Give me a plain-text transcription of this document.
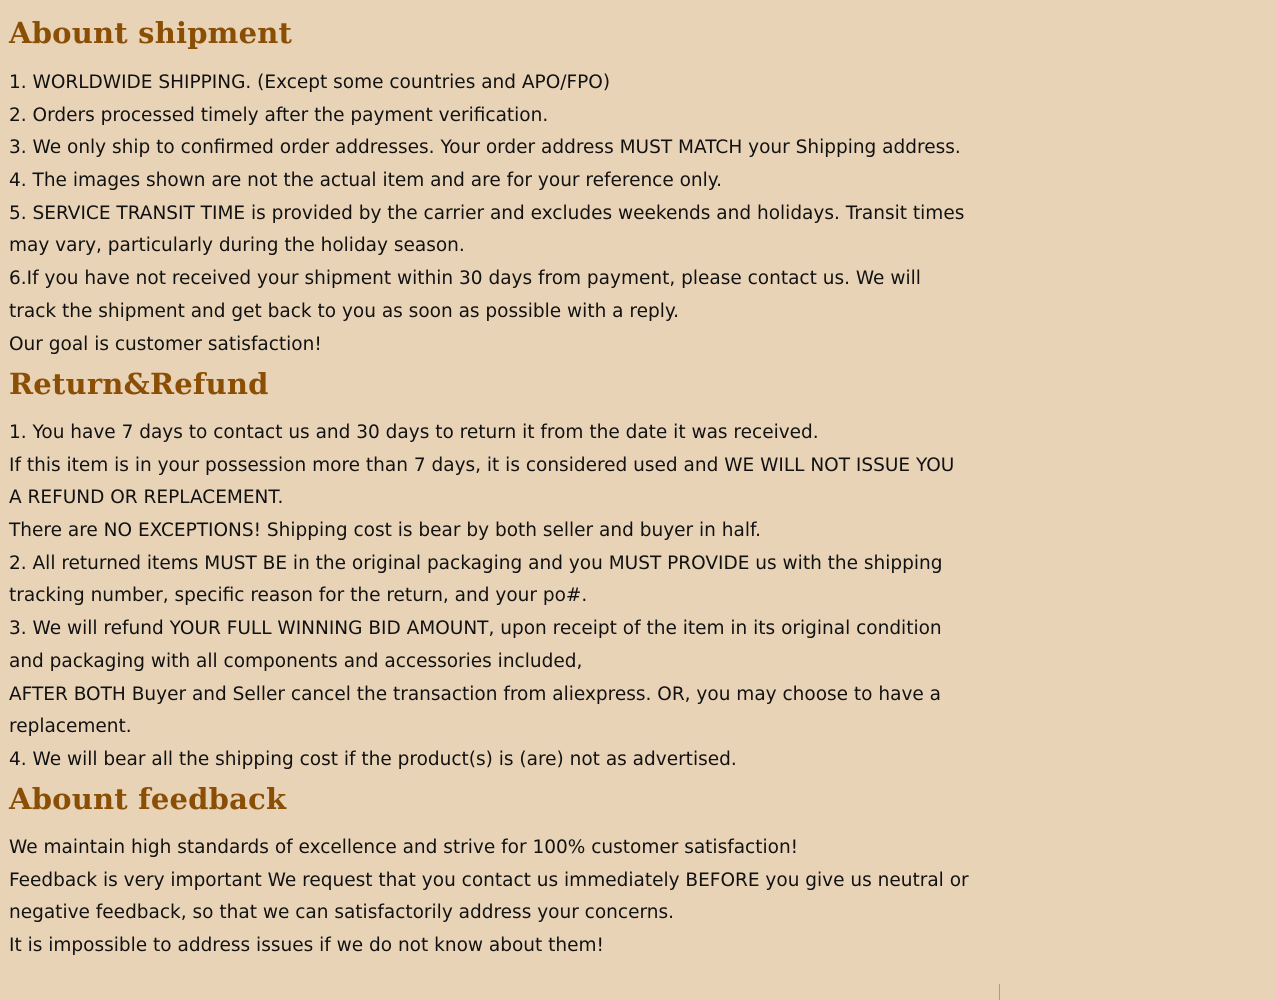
Abount shipment
1. WORLDWIDE SHIPPING. (Except some countries and APO/FPO)
2. Orders processed timely after the payment verification.
3. We only ship to confirmed order addresses. Your order address MUST MATCH your Shipping address.
4. The images shown are not the actual item and are for your reference only.
5. SERVICE TRANSIT TIME is provided by the carrier and excludes weekends and holidays. Transit times
may vary, particularly during the holiday season.
6.If you have not received your shipment within 30 days from payment, please contact us. We will
track the shipment and get back to you as soon as possible with a reply.
Our goal is customer satisfaction!
Return&Refund
1. You have 7 days to contact us and 30 days to return it from the date it was received.
If this item is in your possession more than 7 days, it is considered used and WE WILL NOT ISSUE YOU
A REFUND OR REPLACEMENT.
There are NO EXCEPTIONS! Shipping cost is bear by both seller and buyer in half.
2. All returned items MUST BE in the original packaging and you MUST PROVIDE us with the shipping
tracking number, specific reason for the return, and your po#.
3. We will refund YOUR FULL WINNING BID AMOUNT, upon receipt of the item in its original condition
and packaging with all components and accessories included,
AFTER BOTH Buyer and Seller cancel the transaction from aliexpress. OR, you may choose to have a
replacement.
4. We will bear all the shipping cost if the product(s) is (are) not as advertised.
Abount feedback
We maintain high standards of excellence and strive for 100% customer satisfaction!
Feedback is very important We request that you contact us immediately BEFORE you give us neutral or
negative feedback, so that we can satisfactorily address your concerns.
It is impossible to address issues if we do not know about them!
